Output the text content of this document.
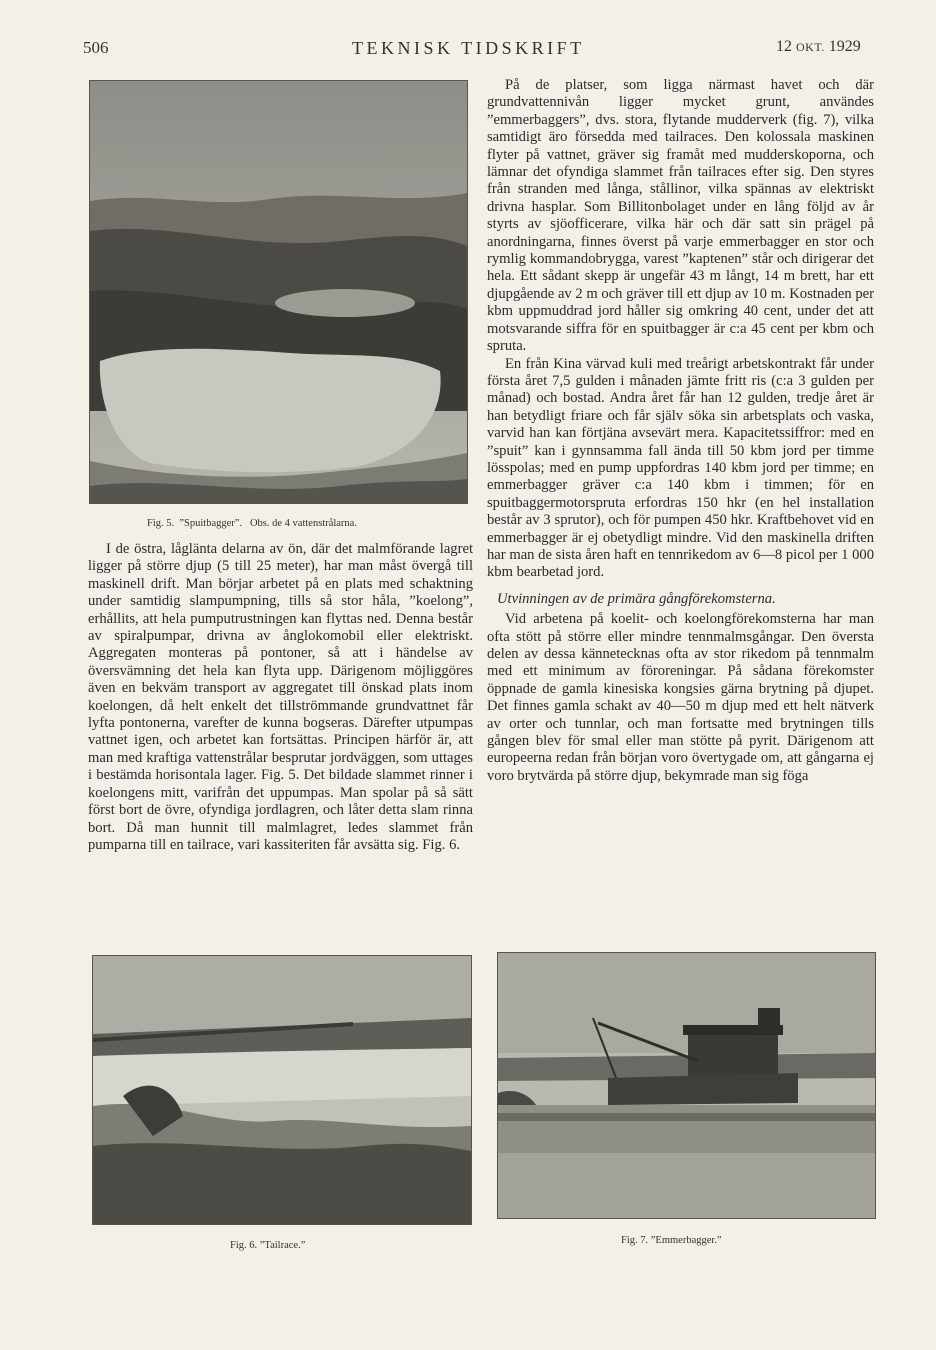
506	TEKNISK TIDSKRIFT	12 OKT. 1929
Fig. 5. ”Spuitbagger”. Obs. de 4 vattenstrålarna.

I de östra, låglänta delarna av ön, där det malmförande lagret ligger på större djup (5 till 25 meter), har man måst övergå till maskinell drift. Man börjar arbetet på en plats med schaktning under samtidig slampumpning, tills så stor håla, ”koelong”, erhållits, att hela pumputrustningen kan flyttas ned. Denna består av spiralpumpar, drivna av ånglokomobil eller elektriskt. Aggregaten monteras på pontoner, så att i händelse av översvämning det hela kan flyta upp. Därigenom möjliggöres även en bekväm transport av aggregatet till önskad plats inom koelongen, då helt enkelt det tillströmmande grundvattnet får lyfta pontonerna, varefter de kunna bogseras. Därefter utpumpas vattnet igen, och arbetet kan fortsättas. Principen härför är, att man med kraftiga vattenstrålar besprutar jordväggen, som uttages i bestämda horisontala lager. Fig. 5. Det bildade slammet rinner i koelongens mitt, varifrån det uppumpas. Man spolar på så sätt först bort de övre, ofyndiga jordlagren, och låter detta slam rinna bort. Då man hunnit till malmlagret, ledes slammet från pumparna till en tailrace, vari kassiteriten får avsätta sig. Fig. 6.

På de platser, som ligga närmast havet och där grundvattennivån ligger mycket grunt, användes ”emmerbaggers”, dvs. stora, flytande mudderverk (fig. 7), vilka samtidigt äro försedda med tailraces. Den kolossala maskinen flyter på vattnet, gräver sig framåt med mudderskoporna, och lämnar det ofyndiga slammet från tailraces efter sig. Den styres från stranden med långa, stållinor, vilka spännas av elektriskt drivna hasplar. Som Billitonbolaget under en lång följd av år styrts av sjöofficerare, vilka här och där satt sin prägel på anordningarna, finnes överst på varje emmerbagger en stor och rymlig kommandobrygga, varest ”kaptenen” står och dirigerar det hela. Ett sådant skepp är ungefär 43 m långt, 14 m brett, har ett djupgående av 2 m och gräver till ett djup av 10 m. Kostnaden per kbm uppmuddrad jord håller sig omkring 40 cent, under det att motsvarande siffra för en spuitbagger är c:a 45 cent per kbm och spruta.

En från Kina värvad kuli med treårigt arbetskontrakt får under första året 7,5 gulden i månaden jämte fritt ris (c:a 3 gulden per månad) och bostad. Andra året får han 12 gulden, tredje året är han betydligt friare och får själv söka sin arbetsplats och vaska, varvid han kan förtjäna avsevärt mera. Kapacitetssiffror: med en ”spuit” kan i gynnsamma fall ända till 50 kbm jord per timme lösspolas; med en pump uppfordras 140 kbm jord per timme; en emmerbagger gräver c:a 140 kbm i timmen; för en spuitbaggermotorspruta erfordras 150 hkr (en hel installation består av 3 sprutor), och för pumpen 450 hkr. Kraftbehovet vid en emmerbagger är ej obetydligt mindre. Vid den maskinella driften har man de sista åren haft en tennrikedom av 6—8 picol per 1 000 kbm bearbetad jord.

Utvinningen av de primära gångförekomsterna.

Vid arbetena på koelit- och koelongförekomsterna har man ofta stött på större eller mindre tennmalmsgångar. Den översta delen av dessa kännetecknas ofta av stor rikedom på tennmalm med ett minimum av föroreningar. På sådana förekomster öppnade de gamla kinesiska kongsies gärna brytning på djupet. Det finnes gamla schakt av 40—50 m djup med ett helt nätverk av orter och tunnlar, och man fortsatte med brytningen tills gången blev för smal eller man stötte på pyrit. Därigenom att europeerna redan från början voro övertygade om, att gångarna ej voro brytvärda på större djup, bekymrade man sig föga

Fig. 6. ”Tailrace.”	Fig. 7. ”Emmerbagger.”
